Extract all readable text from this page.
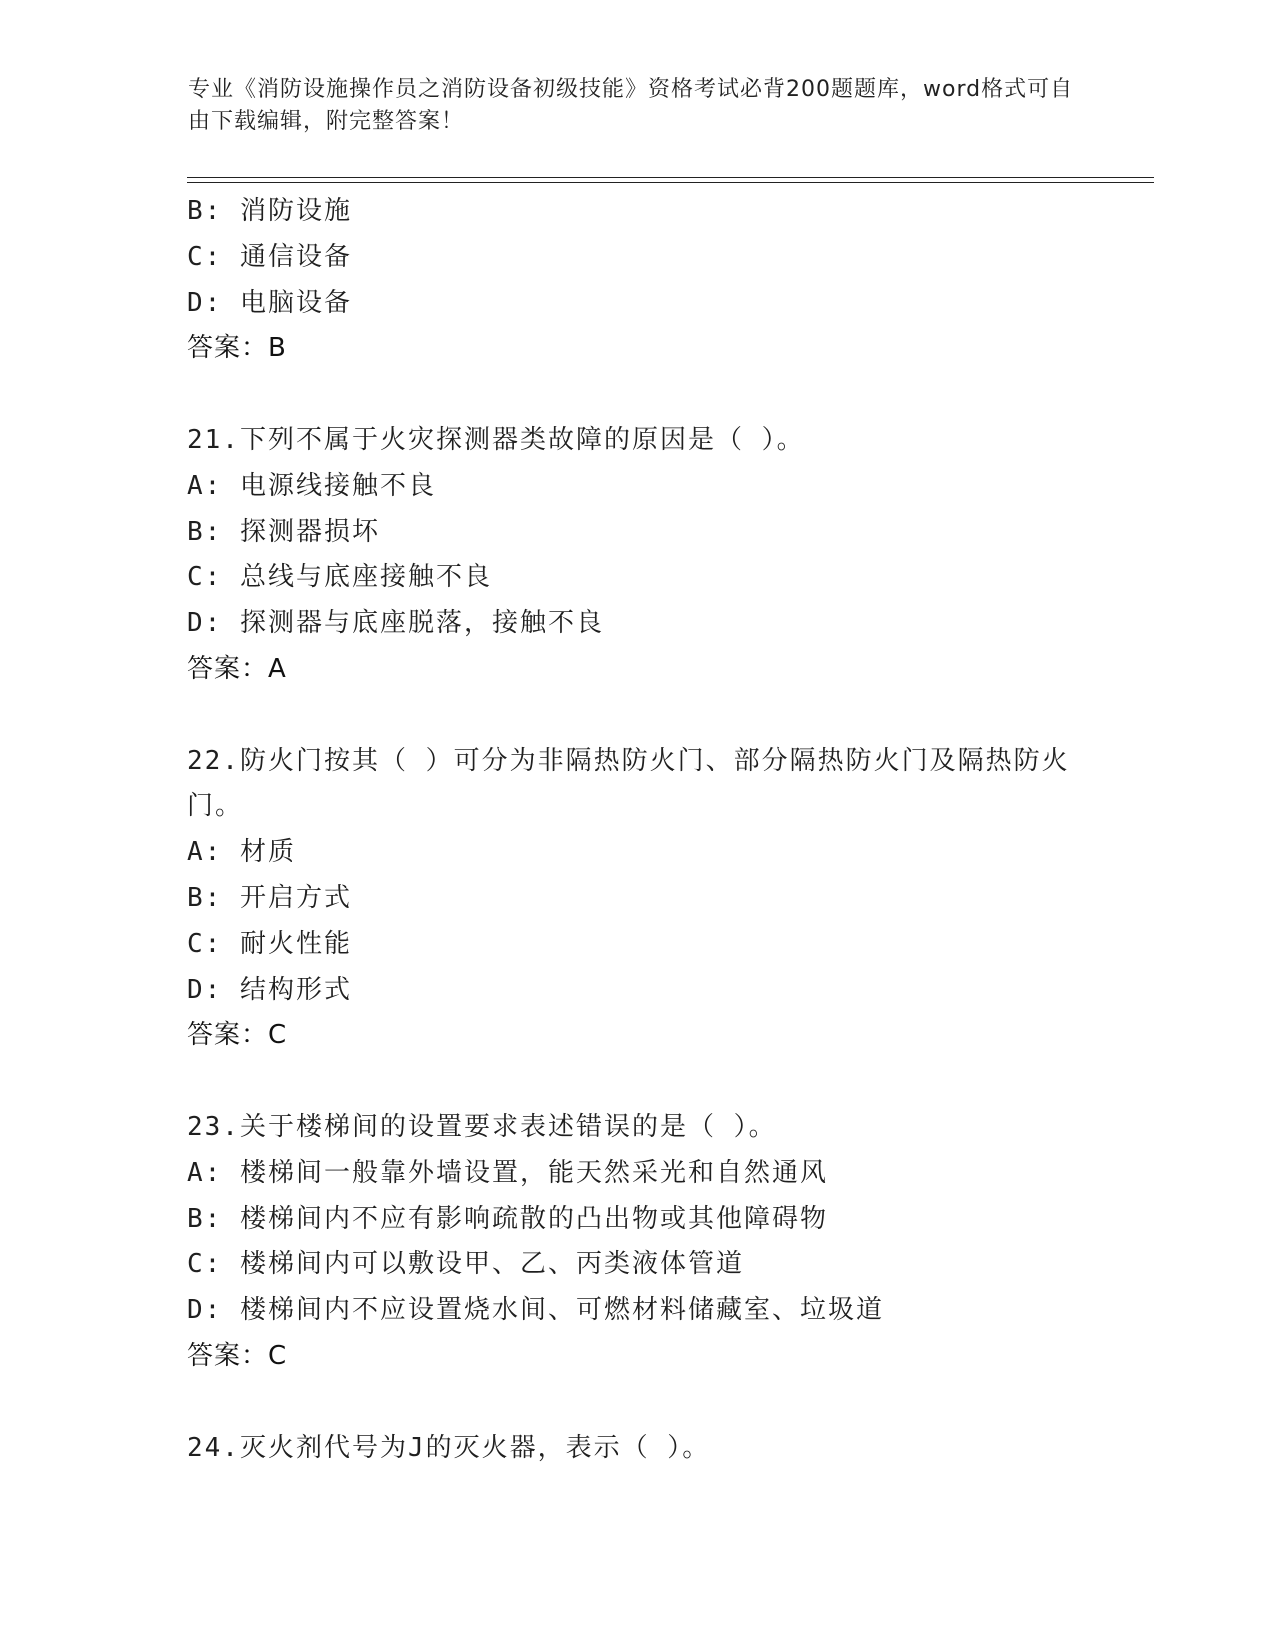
专业《消防设施操作员之消防设备初级技能》资格考试必背200题题库，word格式可自由下载编辑，附完整答案！
B: 消防设施
C: 通信设备
D: 电脑设备
答案：B
21.下列不属于火灾探测器类故障的原因是（ ）。
A: 电源线接触不良
B: 探测器损坏
C: 总线与底座接触不良
D: 探测器与底座脱落，接触不良
答案：A
22.防火门按其（ ）可分为非隔热防火门、部分隔热防火门及隔热防火门。
A: 材质
B: 开启方式
C: 耐火性能
D: 结构形式
答案：C
23.关于楼梯间的设置要求表述错误的是（ ）。
A: 楼梯间一般靠外墙设置，能天然采光和自然通风
B: 楼梯间内不应有影响疏散的凸出物或其他障碍物
C: 楼梯间内可以敷设甲、乙、丙类液体管道
D: 楼梯间内不应设置烧水间、可燃材料储藏室、垃圾道
答案：C
24.灭火剂代号为J的灭火器，表示（ ）。
